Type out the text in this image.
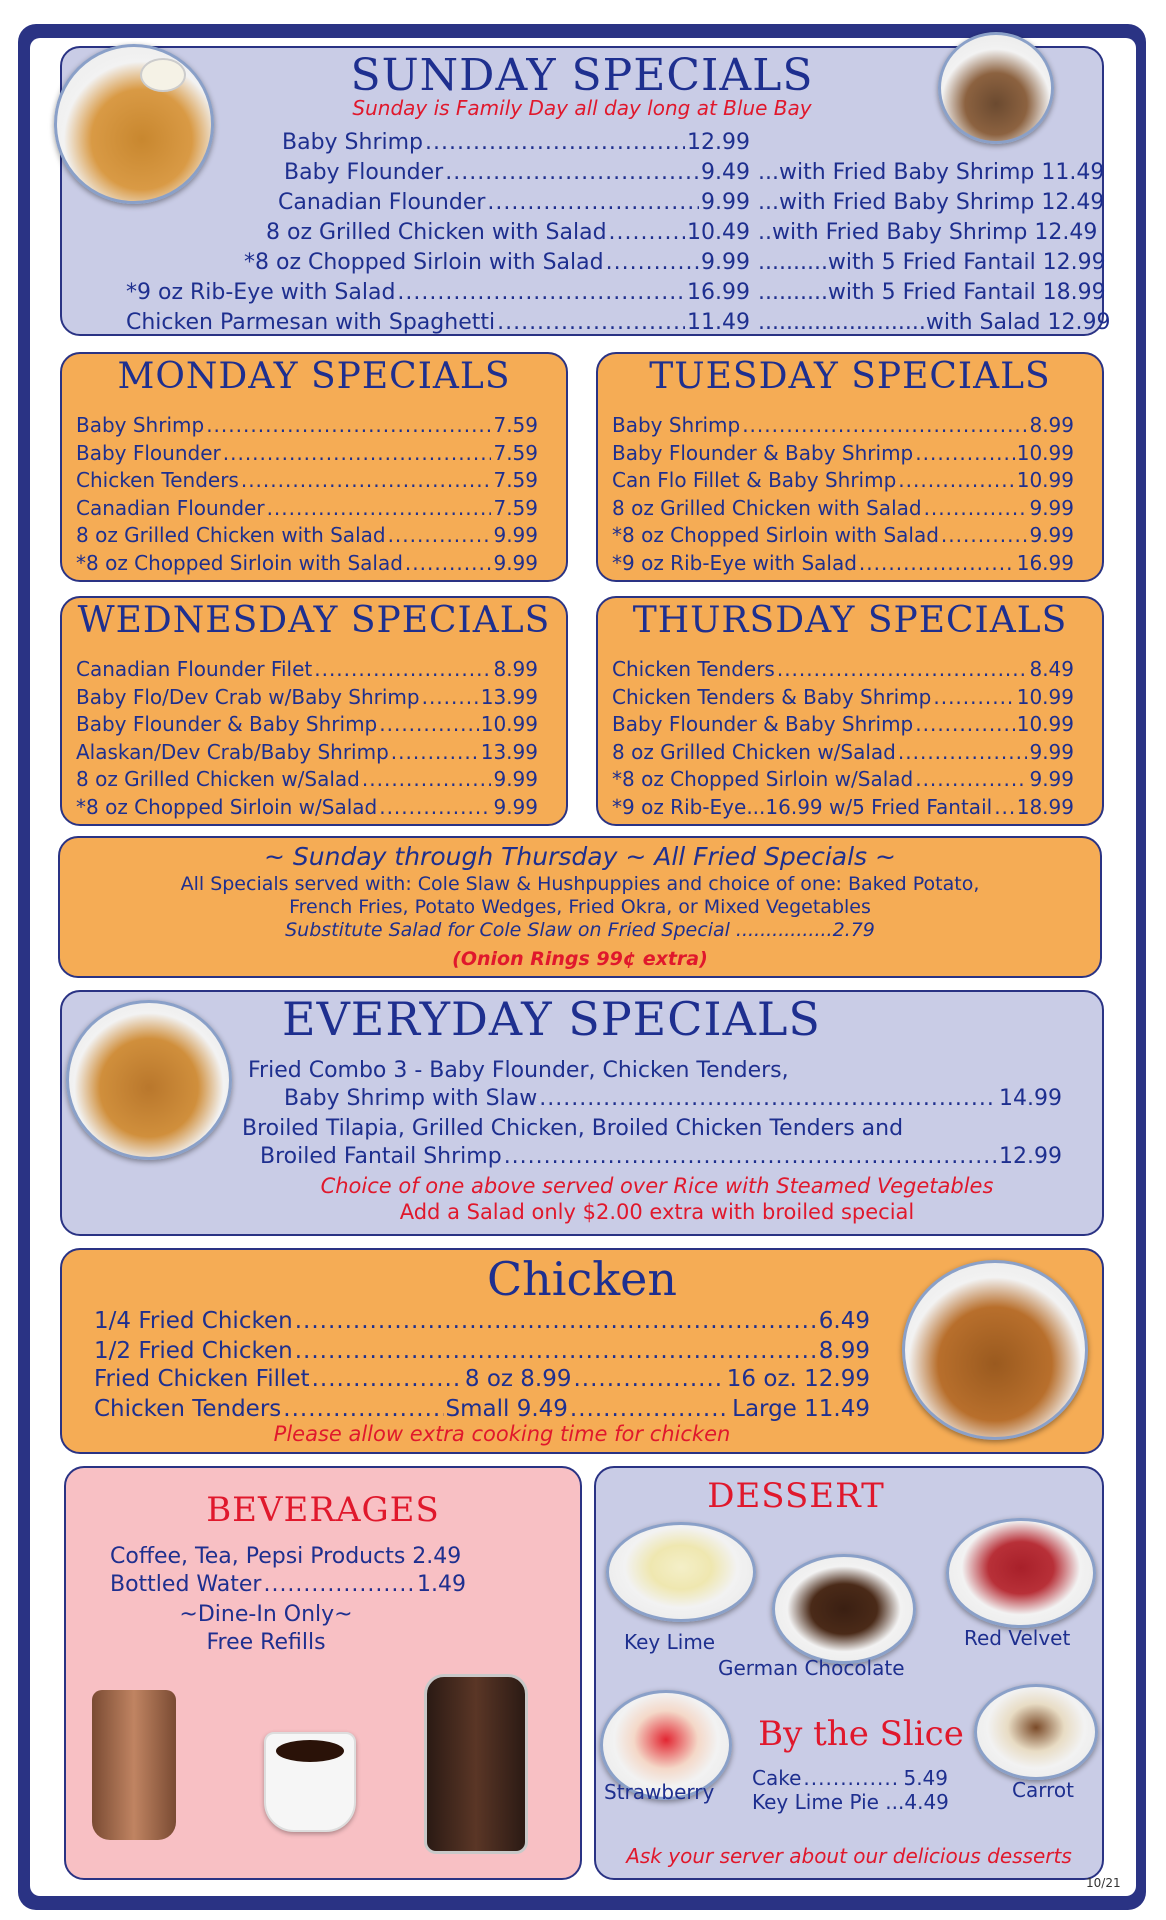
SUNDAY SPECIALS
Sunday is Family Day all day long at Blue Bay
Baby Shrimp .....	12.99
Baby Flounder .....	9.49 ...with Fried Baby Shrimp 11.49
Canadian Flounder .....	9.99 ...with Fried Baby Shrimp 12.49
8 oz Grilled Chicken with Salad .....	10.49 ..with Fried Baby Shrimp 12.49
*8 oz Chopped Sirloin with Salad .....	9.99 ..........with 5 Fried Fantail 12.99
*9 oz Rib-Eye with Salad .....	16.99 ..........with 5 Fried Fantail 18.99
Chicken Parmesan with Spaghetti .....	11.49 ........................with Salad 12.99
MONDAY SPECIALS
Baby Shrimp .....	7.59
Baby Flounder .....	7.59
Chicken Tenders .....	7.59
Canadian Flounder .....	7.59
8 oz Grilled Chicken with Salad .....	9.99
*8 oz Chopped Sirloin with Salad .....	9.99
TUESDAY SPECIALS
Baby Shrimp .....	8.99
Baby Flounder & Baby Shrimp .....	10.99
Can Flo Fillet & Baby Shrimp .....	10.99
8 oz Grilled Chicken with Salad .....	9.99
*8 oz Chopped Sirloin with Salad .....	9.99
*9 oz Rib-Eye with Salad .....	16.99
WEDNESDAY SPECIALS
Canadian Flounder Filet .....	8.99
Baby Flo/Dev Crab w/Baby Shrimp .....	13.99
Baby Flounder & Baby Shrimp .....	10.99
Alaskan/Dev Crab/Baby Shrimp .....	13.99
8 oz Grilled Chicken w/Salad .....	9.99
*8 oz Chopped Sirloin w/Salad .....	9.99
THURSDAY SPECIALS
Chicken Tenders .....	8.49
Chicken Tenders & Baby Shrimp .....	10.99
Baby Flounder & Baby Shrimp .....	10.99
8 oz Grilled Chicken w/Salad .....	9.99
*8 oz Chopped Sirloin w/Salad .....	9.99
*9 oz Rib-Eye...16.99 w/5 Fried Fantail ..... 18.99
~ Sunday through Thursday ~ All Fried Specials ~
All Specials served with: Cole Slaw & Hushpuppies and choice of one: Baked Potato,
French Fries, Potato Wedges, Fried Okra, or Mixed Vegetables
Substitute Salad for Cole Slaw on Fried Special ................2.79
(Onion Rings 99¢ extra)
EVERYDAY SPECIALS
Fried Combo 3 - Baby Flounder, Chicken Tenders,
Baby Shrimp with Slaw .....	14.99
Broiled Tilapia, Grilled Chicken, Broiled Chicken Tenders and
Broiled Fantail Shrimp .....	12.99
Choice of one above served over Rice with Steamed Vegetables
Add a Salad only $2.00 extra with broiled special
Chicken
1/4 Fried Chicken .....	6.49
1/2 Fried Chicken .....	8.99
Fried Chicken Fillet .....	8 oz 8.99 .....	16 oz. 12.99
Chicken Tenders .....	Small 9.49 .....	Large 11.49
Please allow extra cooking time for chicken
BEVERAGES
Coffee, Tea, Pepsi Products 2.49
Bottled Water .....	1.49
~Dine-In Only~
Free Refills
DESSERT
Key Lime
German Chocolate
Red Velvet
By the Slice
Strawberry
Cake .....	5.49
Key Lime Pie ... 4.49	Carrot
Ask your server about our delicious desserts
10/21
